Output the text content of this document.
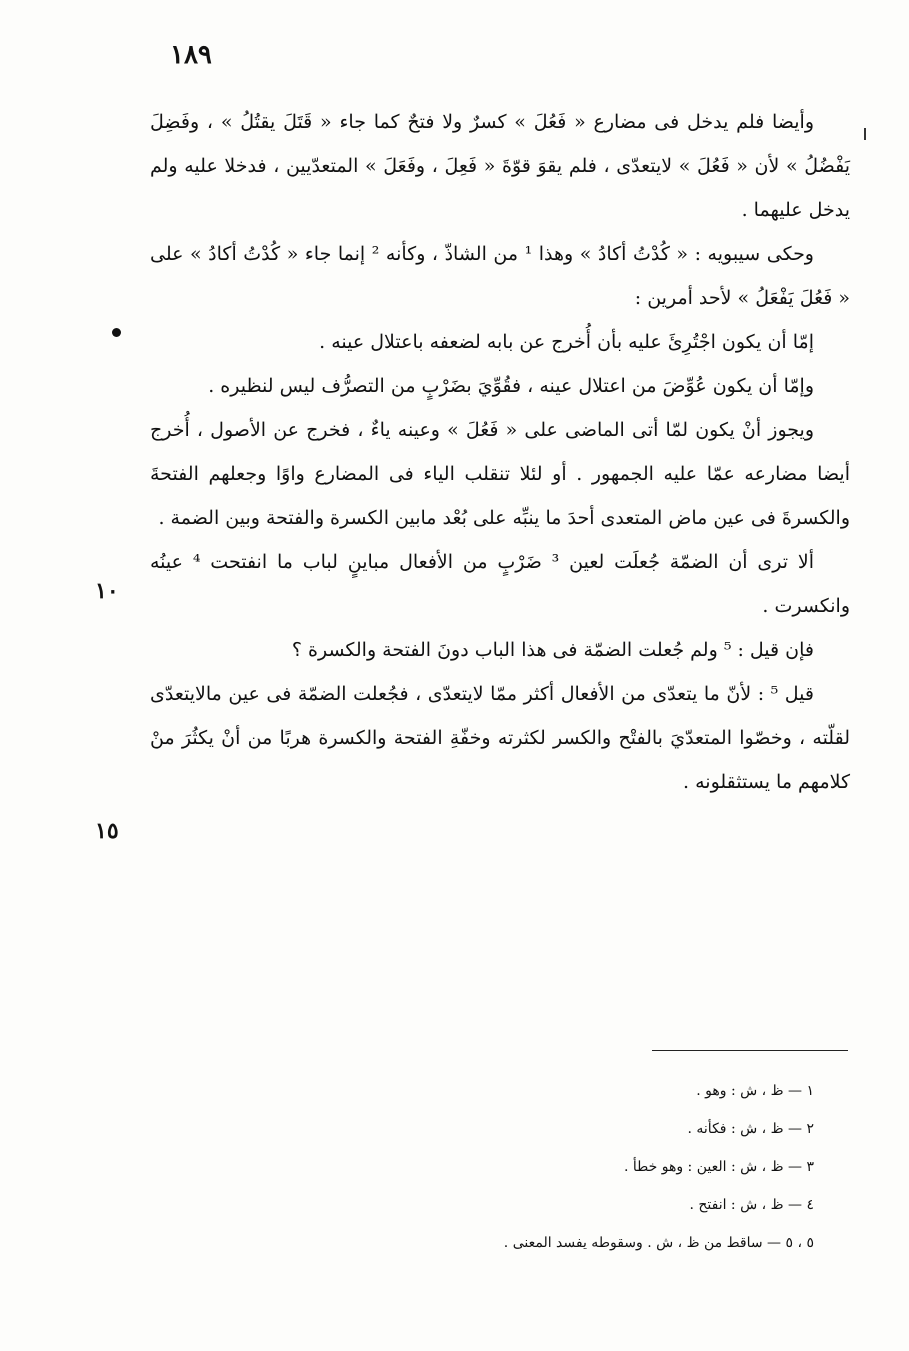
١٨٩

وأيضا فلم يدخل فى مضارع « فَعُلَ » كسرٌ ولا فتحٌ كما جاء « قَتَلَ يقتُلُ » ، وفَضِلَ يَفْضُلُ » لأن « فَعُلَ » لايتعدّى ، فلم يقوَ قوّةَ « فَعِلَ ، وفَعَلَ » المتعدّيين ، فدخلا عليه ولم يدخل عليهما .

وحكى سيبويه : « كُدْتُ أكادُ » وهذا ¹ من الشاذّ ، وكأنه ² إنما جاء « كُدْتُ أكادُ » على « فَعُلَ يَفْعَلُ » لأحد أمرين :

إمّا أن يكون اجْتُرِئَ عليه بأن أُخرج عن بابه لضعفه باعتلال عينه .

وإمّا أن يكون عُوِّضَ من اعتلال عينه ، فقُوِّيَ بضَرْبٍ من التصرُّف ليس لنظيره .

ويجوز أنْ يكون لمّا أتى الماضى على « فَعُلَ » وعينه ياءٌ ، فخرج عن الأصول ، أُخرج أيضا مضارعه عمّا عليه الجمهور . أو لئلا تنقلب الياء فى المضارع واوًا وجعلهم الفتحةَ والكسرةَ فى عين ماض المتعدى أحدَ ما ينبِّه على بُعْد مابين الكسرة والفتحة وبين الضمة .

ألا ترى أن الضمّة جُعلَت لعين ³ ضَرْبٍ من الأفعال مباينٍ لباب ما انفتحت ⁴ عينُه وانكسرت .

فإن قيل : ⁵ ولم جُعلت الضمّة فى هذا الباب دونَ الفتحة والكسرة ؟

قيل ⁵ : لأنّ ما يتعدّى من الأفعال أكثر ممّا لايتعدّى ، فجُعلت الضمّة فى عين مالايتعدّى لقلّته ، وخصّوا المتعدّيَ بالفتْح والكسر لكثرته وخفّةِ الفتحة والكسرة هربًا من أنْ يكثُرَ منْ كلامهم ما يستثقلونه .

١٠
١٥
١ — ظ ، ش : وهو .
٢ — ظ ، ش : فكأنه .
٣ — ظ ، ش : العين : وهو خطأ .
٤ — ظ ، ش : انفتح .
٥ ، ٥ — ساقط من ظ ، ش . وسقوطه يفسد المعنى .
